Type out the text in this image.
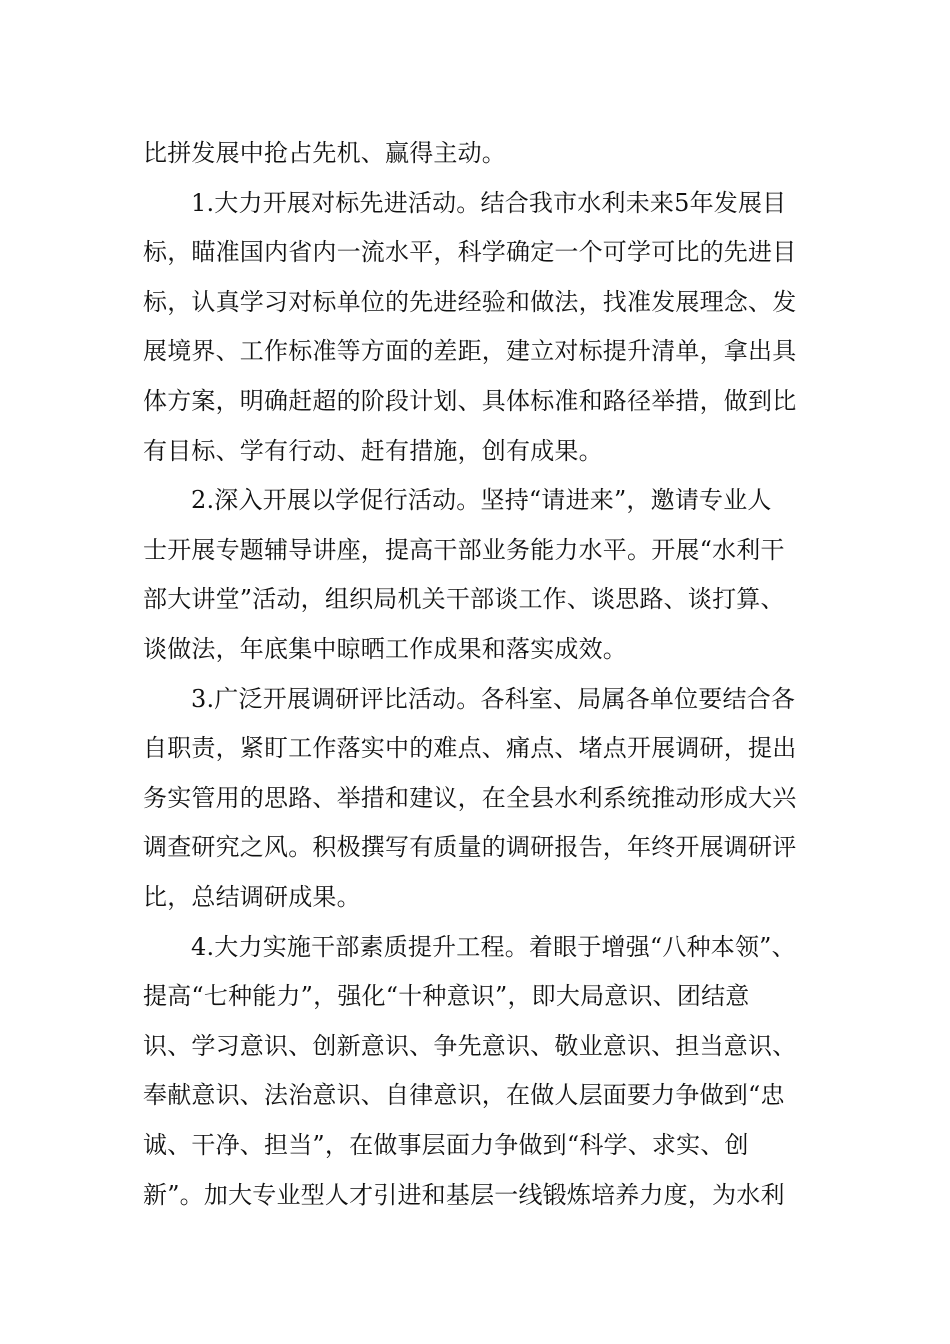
比拼发展中抢占先机、赢得主动。
1.大力开展对标先进活动。结合我市水利未来5年发展目
标，瞄准国内省内一流水平，科学确定一个可学可比的先进目
标，认真学习对标单位的先进经验和做法，找准发展理念、发
展境界、工作标准等方面的差距，建立对标提升清单，拿出具
体方案，明确赶超的阶段计划、具体标准和路径举措，做到比
有目标、学有行动、赶有措施，创有成果。
2.深入开展以学促行活动。坚持“请进来”，邀请专业人
士开展专题辅导讲座，提高干部业务能力水平。开展“水利干
部大讲堂”活动，组织局机关干部谈工作、谈思路、谈打算、
谈做法，年底集中晾晒工作成果和落实成效。
3.广泛开展调研评比活动。各科室、局属各单位要结合各
自职责，紧盯工作落实中的难点、痛点、堵点开展调研，提出
务实管用的思路、举措和建议，在全县水利系统推动形成大兴
调查研究之风。积极撰写有质量的调研报告，年终开展调研评
比，总结调研成果。
4.大力实施干部素质提升工程。着眼于增强“八种本领”、
提高“七种能力”，强化“十种意识”，即大局意识、团结意
识、学习意识、创新意识、争先意识、敬业意识、担当意识、
奉献意识、法治意识、自律意识，在做人层面要力争做到“忠
诚、干净、担当”，在做事层面力争做到“科学、求实、创
新”。加大专业型人才引进和基层一线锻炼培养力度，为水利
